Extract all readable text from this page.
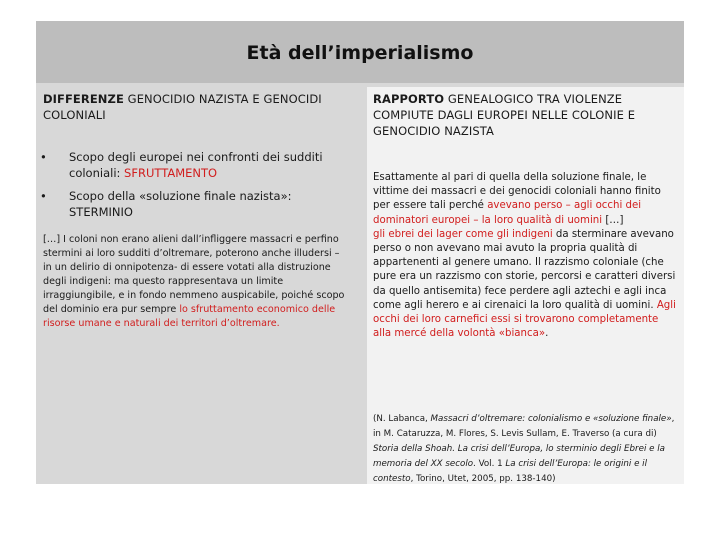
Età dell’imperialismo
DIFFERENZE GENOCIDIO NAZISTA E GENOCIDI COLONIALI
• Scopo degli europei nei confronti dei sudditi coloniali: SFRUTTAMENTO
• Scopo della «soluzione finale nazista»: STERMINIO
[…] I coloni non erano alieni dall’infliggere massacri e perfino stermini ai loro sudditi d’oltremare, poterono anche illudersi – in un delirio di onnipotenza- di essere votati alla distruzione degli indigeni: ma questo rappresentava un limite irraggiungibile, e in fondo nemmeno auspicabile, poiché scopo del dominio era pur sempre lo sfruttamento economico delle risorse umane e naturali dei territori d’oltremare.
RAPPORTO GENEALOGICO TRA VIOLENZE COMPIUTE DAGLI EUROPEI NELLE COLONIE E GENOCIDIO NAZISTA
Esattamente al pari di quella della soluzione finale, le vittime dei massacri e dei genocidi coloniali hanno finito per essere tali perché avevano perso – agli occhi dei dominatori europei – la loro qualità di uomini […]
gli ebrei dei lager come gli indigeni da sterminare avevano perso o non avevano mai avuto la propria qualità di appartenenti al genere umano. Il razzismo coloniale (che pure era un razzismo con storie, percorsi e caratteri diversi da quello antisemita) fece perdere agli aztechi e agli inca come agli herero e ai cirenaici la loro qualità di uomini. Agli occhi dei loro carnefici essi si trovarono completamente alla mercé della volontà «bianca».
(N. Labanca, Massacri d’oltremare: colonialismo e «soluzione finale», in M. Cataruzza, M. Flores, S. Levis Sullam, E. Traverso (a cura di) Storia della Shoah. La crisi dell’Europa, lo sterminio degli Ebrei e la memoria del XX secolo. Vol. 1 La crisi dell’Europa: le origini e il contesto, Torino, Utet, 2005, pp. 138-140)
